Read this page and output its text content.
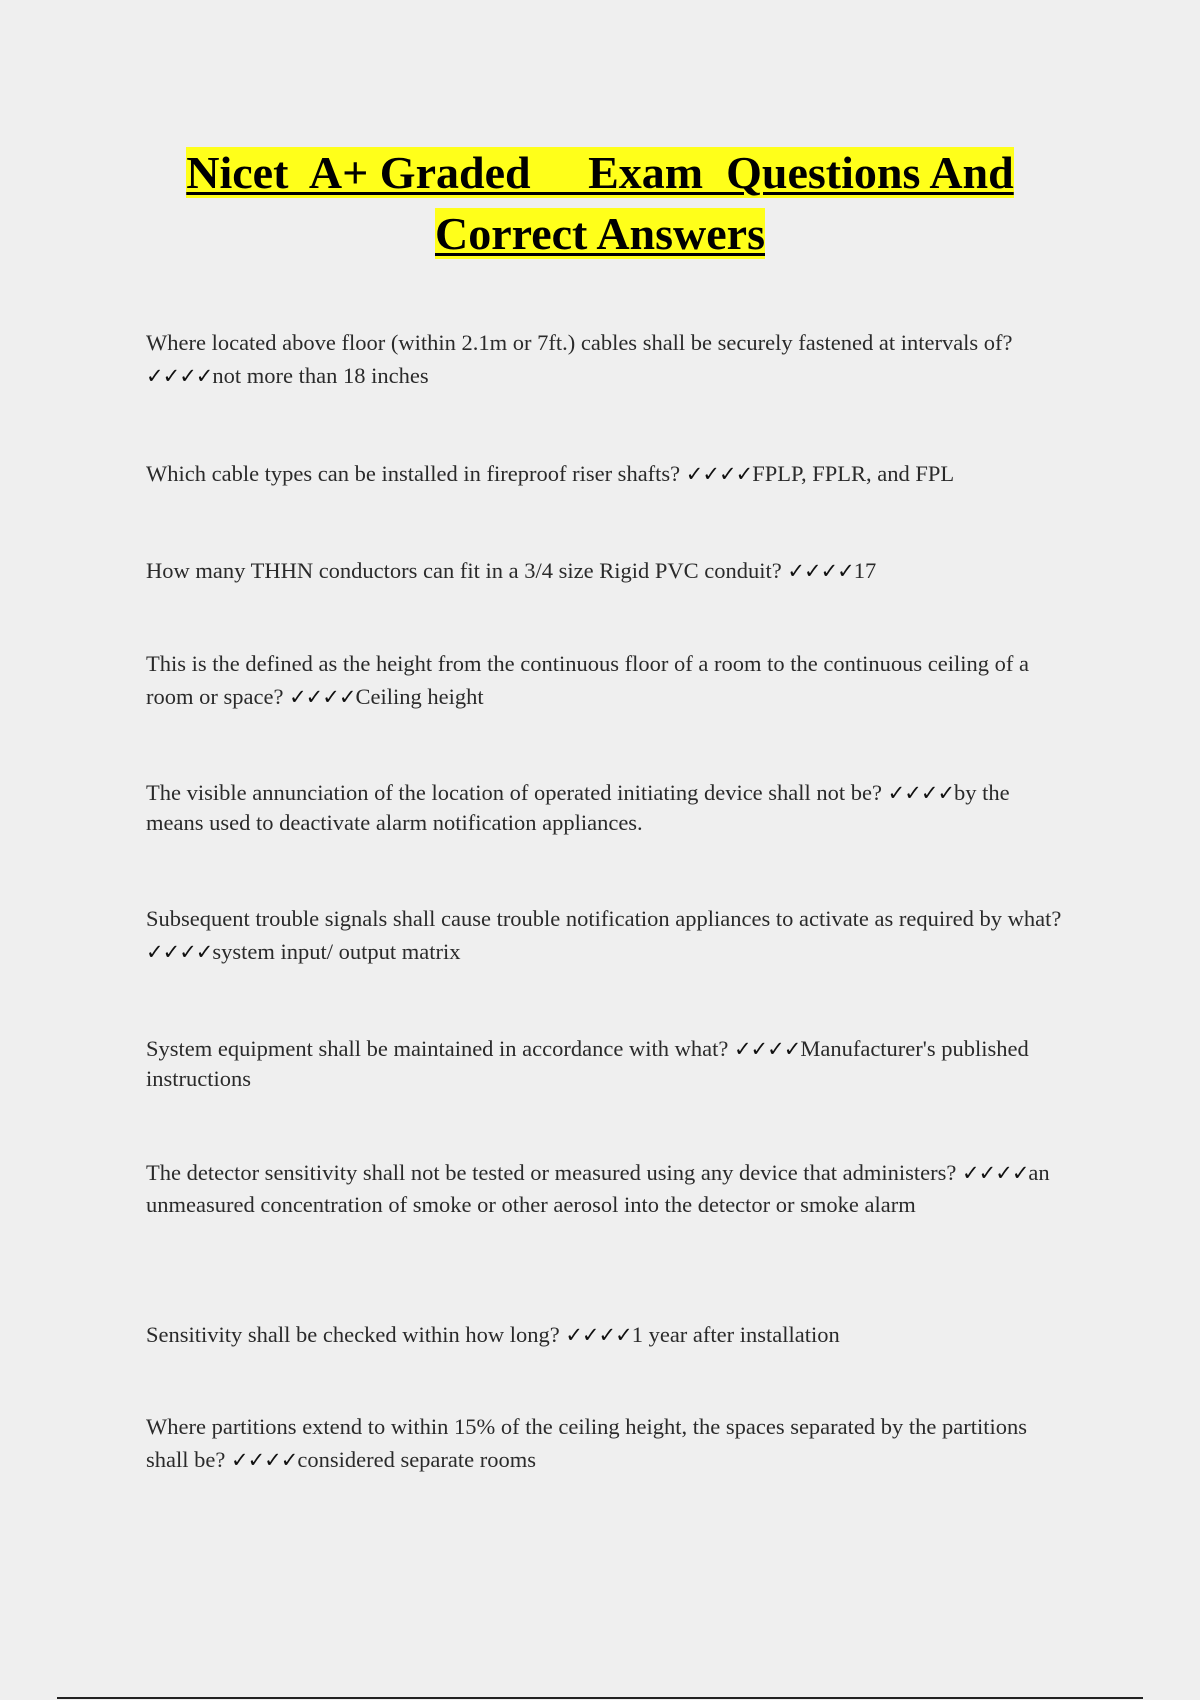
Nicet  A+ Graded     Exam  Questions And
Correct Answers
Where located above floor (within 2.1m or 7ft.) cables shall be securely fastened at intervals of? ✓✓✓✓not more than 18 inches
Which cable types can be installed in fireproof riser shafts? ✓✓✓✓FPLP, FPLR, and FPL
How many THHN conductors can fit in a 3/4 size Rigid PVC conduit? ✓✓✓✓17
This is the defined as the height from the continuous floor of a room to the continuous ceiling of a room or space? ✓✓✓✓Ceiling height
The visible annunciation of the location of operated initiating device shall not be? ✓✓✓✓by the means used to deactivate alarm notification appliances.
Subsequent trouble signals shall cause trouble notification appliances to activate as required by what? ✓✓✓✓system input/ output matrix
System equipment shall be maintained in accordance with what? ✓✓✓✓Manufacturer's published instructions
The detector sensitivity shall not be tested or measured using any device that administers? ✓✓✓✓an unmeasured concentration of smoke or other aerosol into the detector or smoke alarm
Sensitivity shall be checked within how long? ✓✓✓✓1 year after installation
Where partitions extend to within 15% of the ceiling height, the spaces separated by the partitions shall be? ✓✓✓✓considered separate rooms
